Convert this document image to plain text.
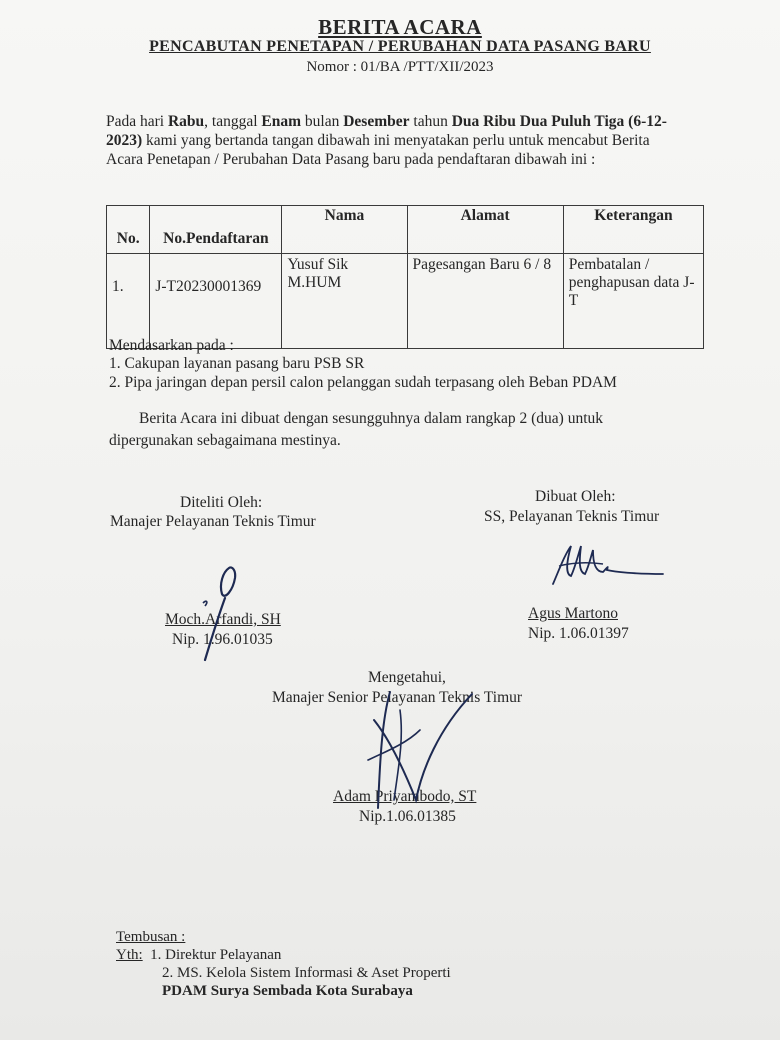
BERITA ACARA
PENCABUTAN PENETAPAN / PERUBAHAN DATA PASANG BARU
Nomor : 01/BA /PTT/XII/2023
Pada hari Rabu, tanggal Enam bulan Desember tahun Dua Ribu Dua Puluh Tiga (6-12-2023) kami yang bertanda tangan dibawah ini menyatakan perlu untuk mencabut Berita Acara Penetapan / Perubahan Data Pasang baru pada pendaftaran dibawah ini :
No.	No.Pendaftaran	Nama	Alamat	Keterangan
1.	J-T20230001369	Yusuf Sik M.HUM	Pagesangan Baru 6 / 8	Pembatalan / penghapusan data J-T
Mendasarkan pada :
1. Cakupan layanan pasang baru PSB SR
2. Pipa jaringan depan persil calon pelanggan sudah terpasang oleh Beban PDAM
Berita Acara ini dibuat dengan sesungguhnya dalam rangkap 2 (dua) untuk dipergunakan sebagaimana mestinya.
Diteliti Oleh:
Manajer Pelayanan Teknis Timur
Moch.Arfandi, SH
Nip. 1.96.01035
Dibuat Oleh:
SS, Pelayanan Teknis Timur
Agus Martono
Nip. 1.06.01397
Mengetahui,
Manajer Senior Pelayanan Teknis Timur
Adam Priyambodo, ST
Nip.1.06.01385
Tembusan :
Yth: 1. Direktur Pelayanan
2. MS. Kelola Sistem Informasi & Aset Properti
PDAM Surya Sembada Kota Surabaya
